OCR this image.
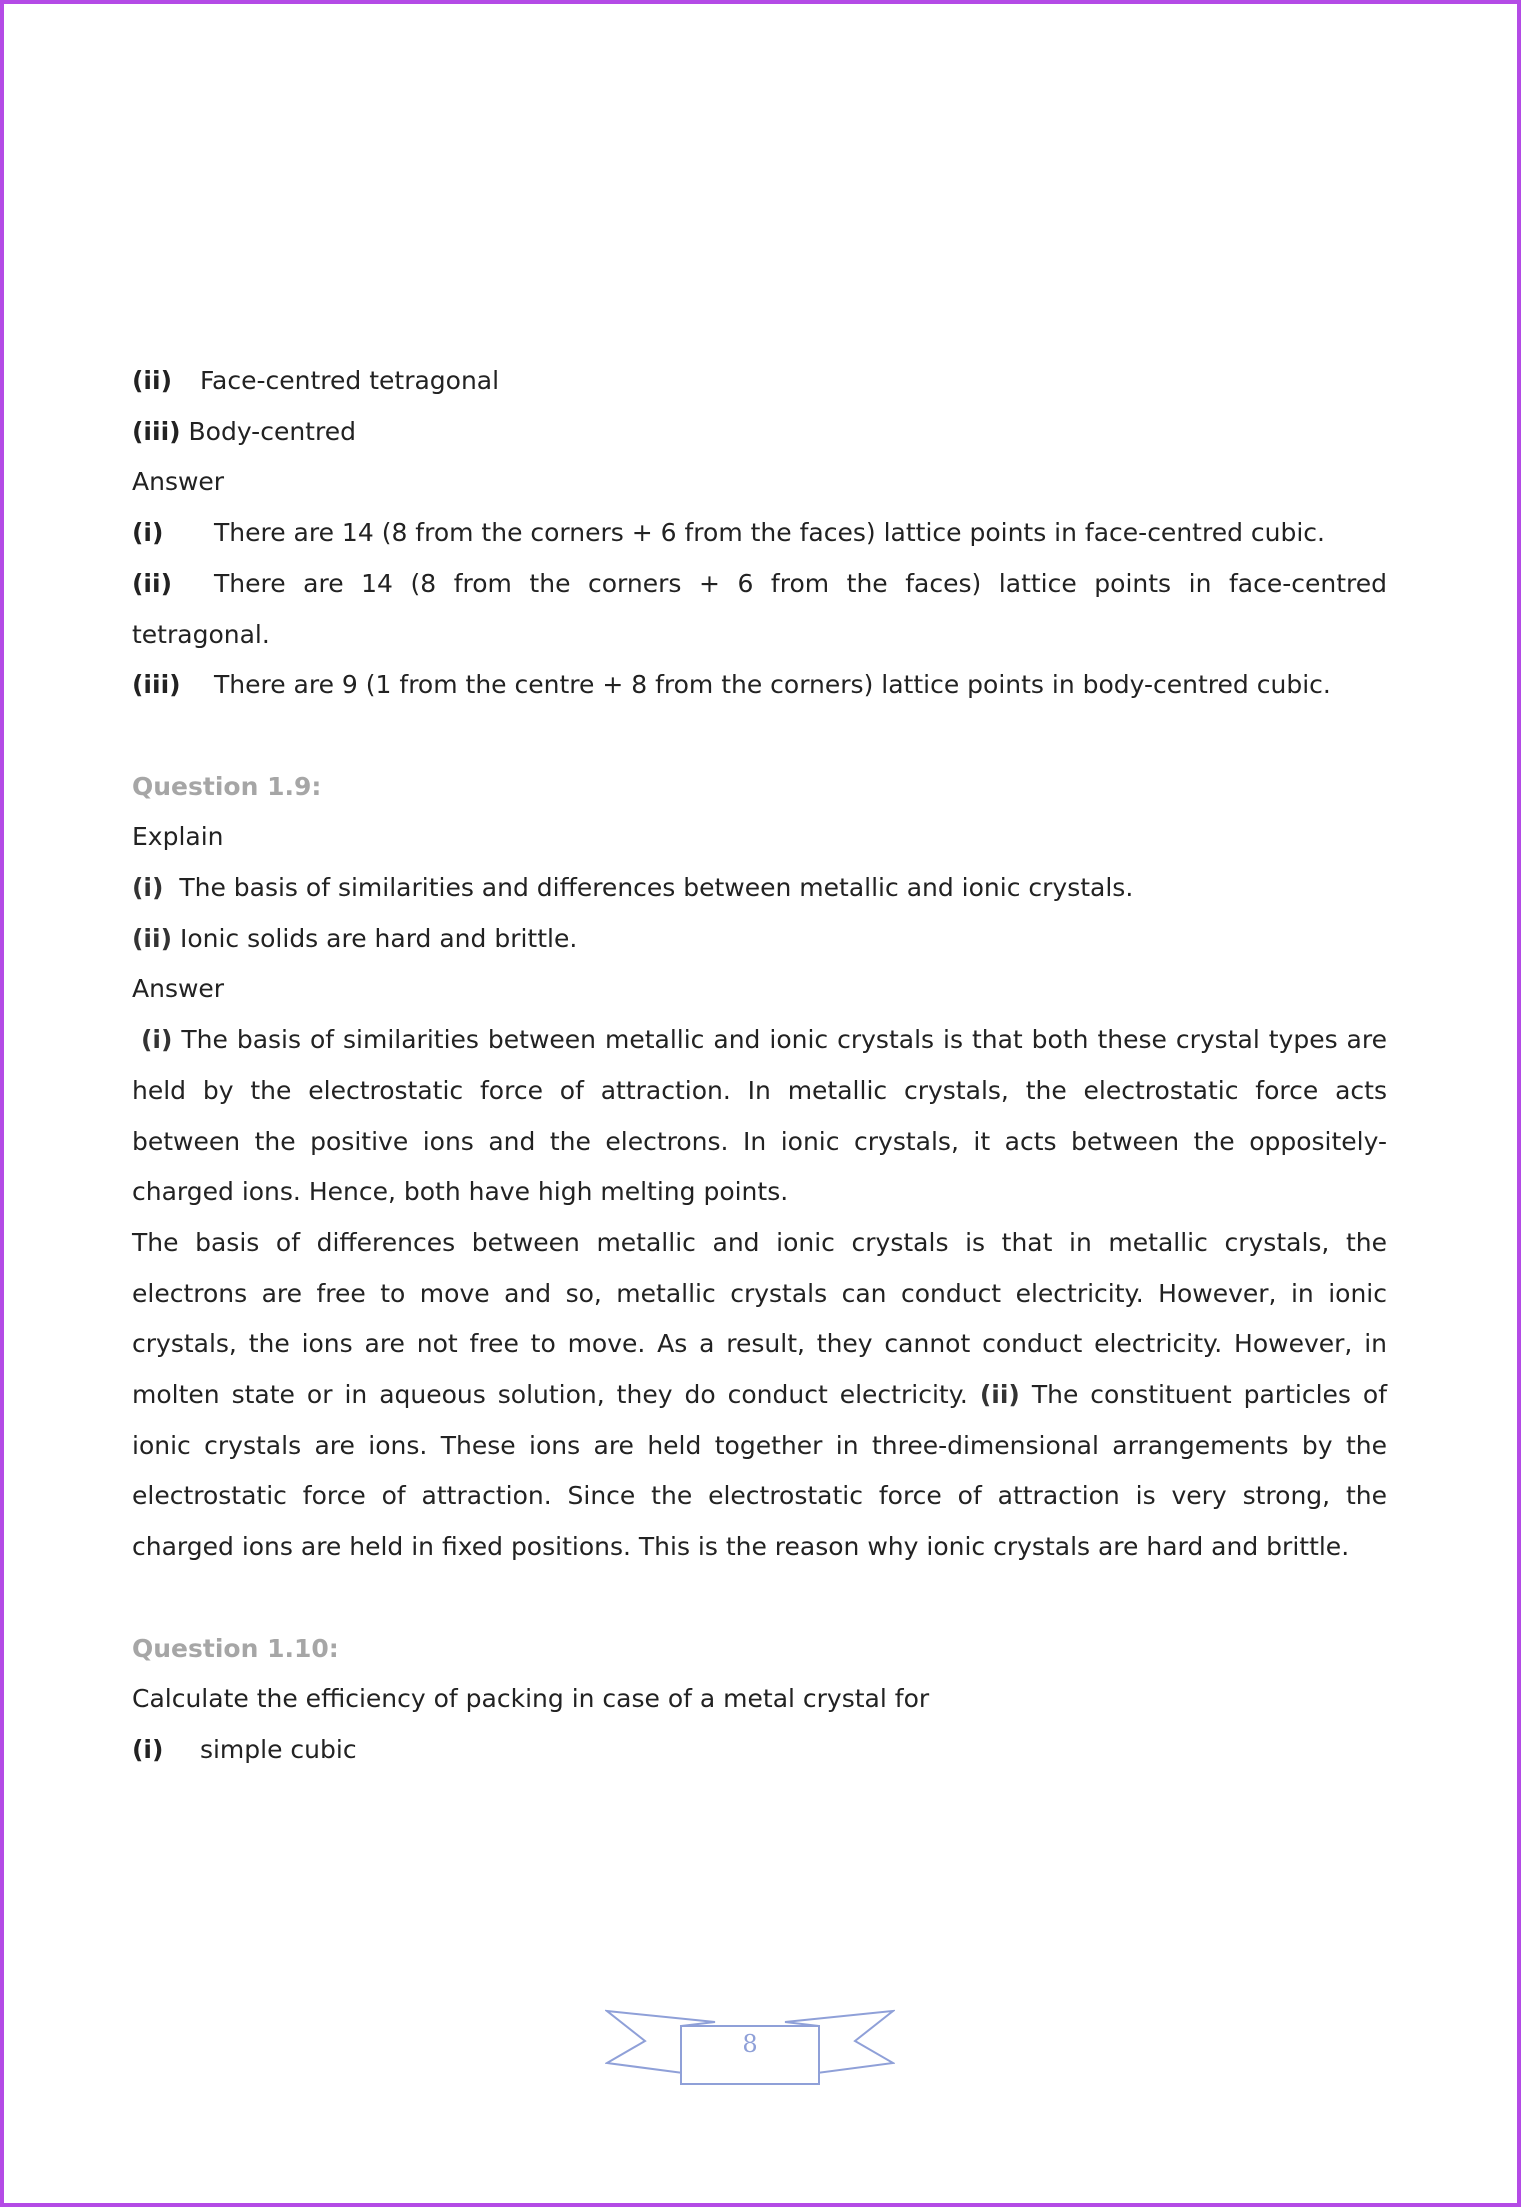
(ii) Face-centred tetragonal
(iii) Body-centred
Answer
(i) There are 14 (8 from the corners + 6 from the faces) lattice points in face-centred cubic.
(ii) There are 14 (8 from the corners + 6 from the faces) lattice points in face-centred tetragonal.
(iii) There are 9 (1 from the centre + 8 from the corners) lattice points in body-centred cubic.
Question 1.9:
Explain
(i) The basis of similarities and differences between metallic and ionic crystals.
(ii) Ionic solids are hard and brittle.
Answer
(i) The basis of similarities between metallic and ionic crystals is that both these crystal types are held by the electrostatic force of attraction. In metallic crystals, the electrostatic force acts between the positive ions and the electrons. In ionic crystals, it acts between the oppositely-charged ions. Hence, both have high melting points.
The basis of differences between metallic and ionic crystals is that in metallic crystals, the electrons are free to move and so, metallic crystals can conduct electricity. However, in ionic crystals, the ions are not free to move. As a result, they cannot conduct electricity. However, in molten state or in aqueous solution, they do conduct electricity. (ii) The constituent particles of ionic crystals are ions. These ions are held together in three-dimensional arrangements by the electrostatic force of attraction. Since the electrostatic force of attraction is very strong, the charged ions are held in fixed positions. This is the reason why ionic crystals are hard and brittle.
Question 1.10:
Calculate the efficiency of packing in case of a metal crystal for
(i) simple cubic
8
